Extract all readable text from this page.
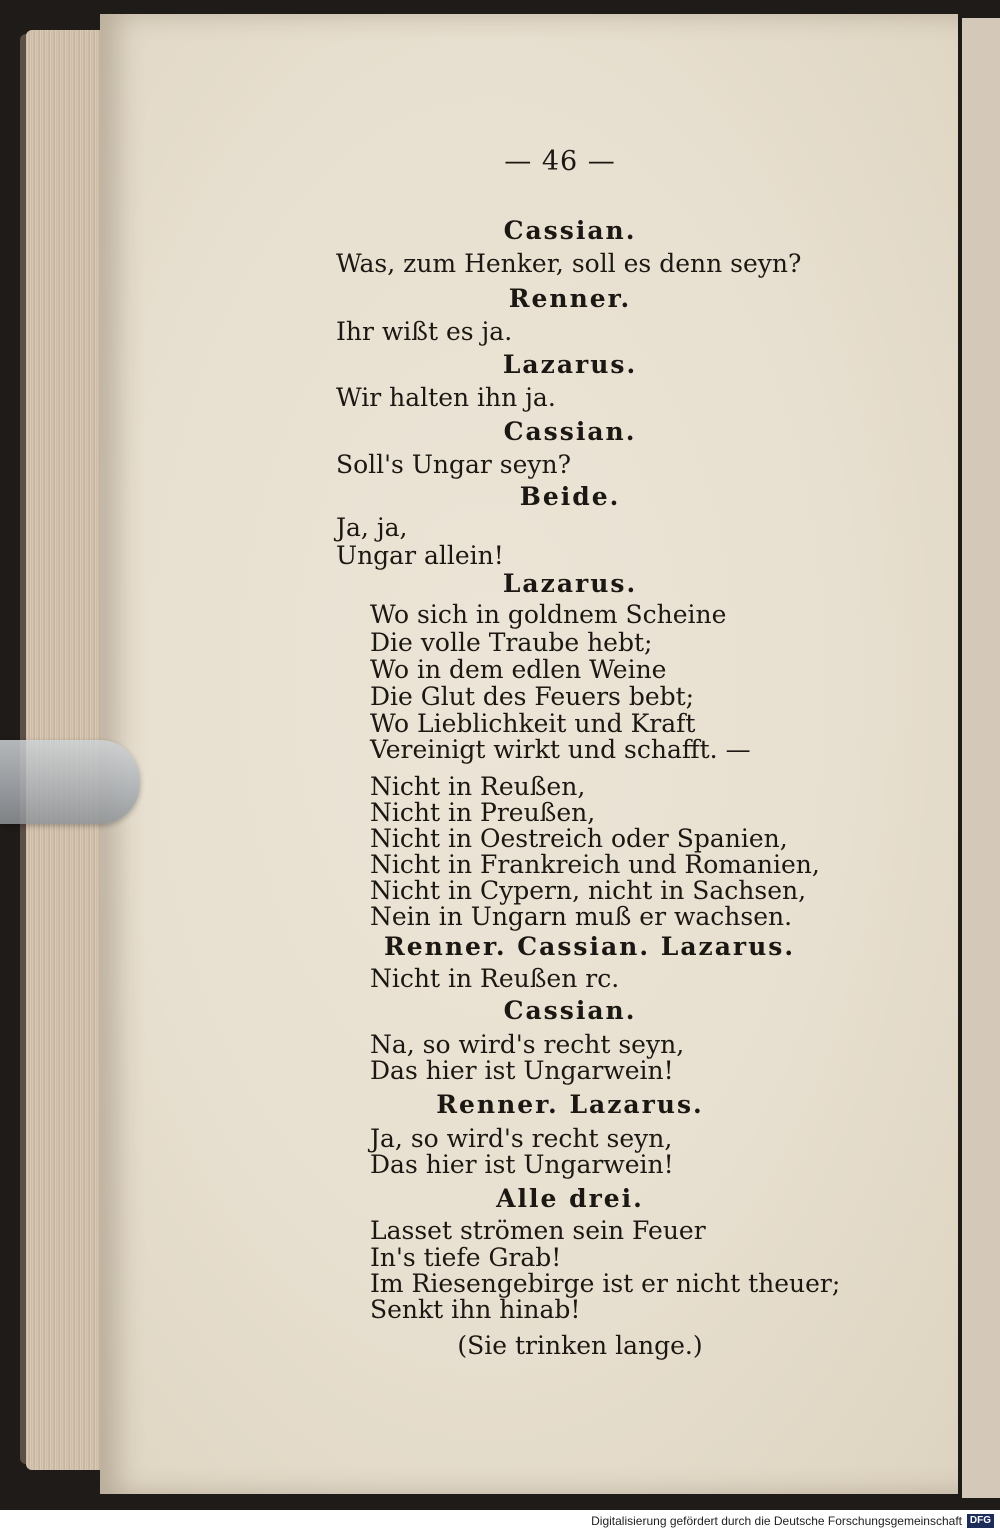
— 46 —
Cassian.
Was, zum Henker, soll es denn seyn?
Renner.
Ihr wißt es ja.
Lazarus.
Wir halten ihn ja.
Cassian.
Soll's Ungar seyn?
Beide.
Ja, ja,
Ungar allein!
Lazarus.
Wo sich in goldnem Scheine
Die volle Traube hebt;
Wo in dem edlen Weine
Die Glut des Feuers bebt;
Wo Lieblichkeit und Kraft
Vereinigt wirkt und schafft. —
Nicht in Reußen,
Nicht in Preußen,
Nicht in Oestreich oder Spanien,
Nicht in Frankreich und Romanien,
Nicht in Cypern, nicht in Sachsen,
Nein in Ungarn muß er wachsen.
Renner. Cassian. Lazarus.
Nicht in Reußen rc.
Cassian.
Na, so wird's recht seyn,
Das hier ist Ungarwein!
Renner. Lazarus.
Ja, so wird's recht seyn,
Das hier ist Ungarwein!
Alle drei.
Lasset strömen sein Feuer
In's tiefe Grab!
Im Riesengebirge ist er nicht theuer;
Senkt ihn hinab!
(Sie trinken lange.)
Digitalisierung gefördert durch die Deutsche Forschungsgemeinschaft DFG
